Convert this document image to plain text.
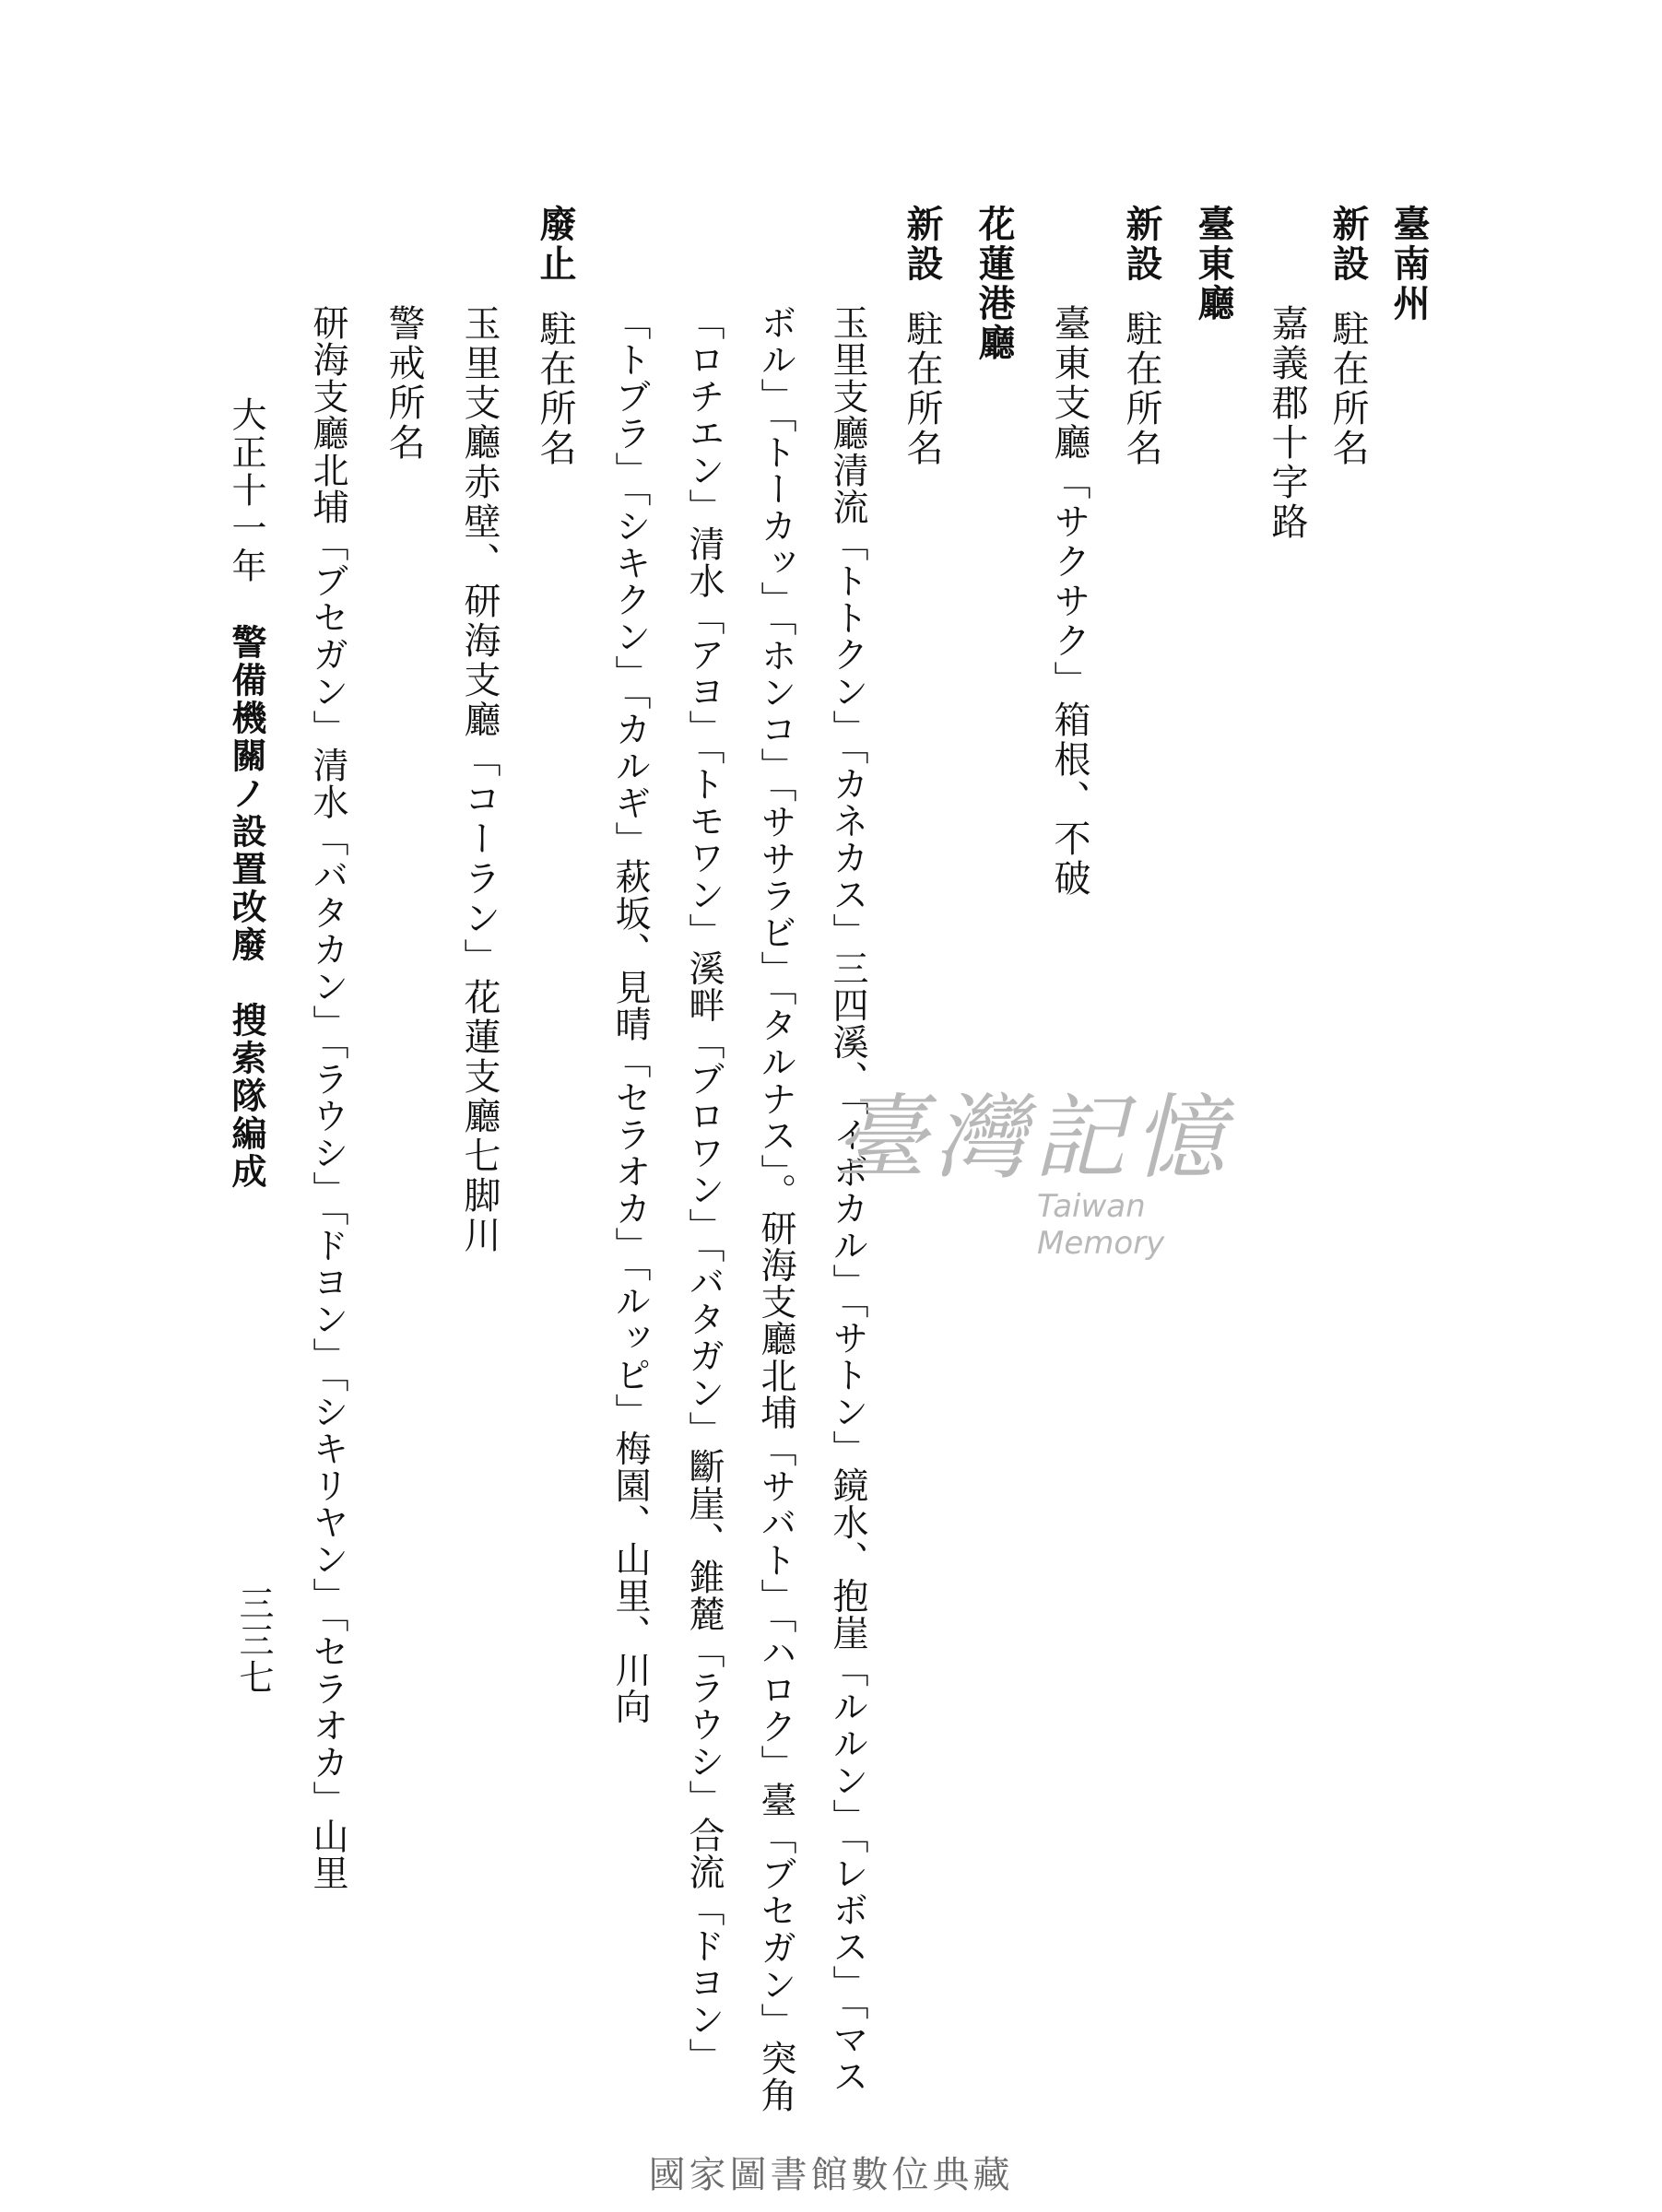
臺南州
新設駐在所名
嘉義郡十字路
臺東廳
新設駐在所名
臺東支廳「サクサク」箱根、不破
花蓮港廳
新設駐在所名
玉里支廳清流「トトクン」「カネカス」三四溪、「イボカル」「サトン」鏡水、抱崖「ルルン」「レボス」「マス
ボル」「トーカッ」「ホンコ」「ササラビ」「タルナス」。研海支廳北埔「サバト」「ハロク」臺「ブセガン」突角
「ロチエン」清水「アヨ」「トモワン」溪畔「ブロワン」「バタガン」斷崖、錐麓「ラウシ」合流「ドヨン」
「トブラ」「シキクン」「カルギ」萩坂、見晴「セラオカ」「ルッピ」梅園、山里、川向
廢止駐在所名
玉里支廳赤壁、研海支廳「コーラン」花蓮支廳七脚川
警戒所名
研海支廳北埔「ブセガン」清水「バタカン」「ラウシ」「ドヨン」「シキリヤン」「セラオカ」山里
大正十一年警備機關ノ設置改廢　搜索隊編成
三三七
臺灣記憶
Taiwan Memory
國家圖書館數位典藏
